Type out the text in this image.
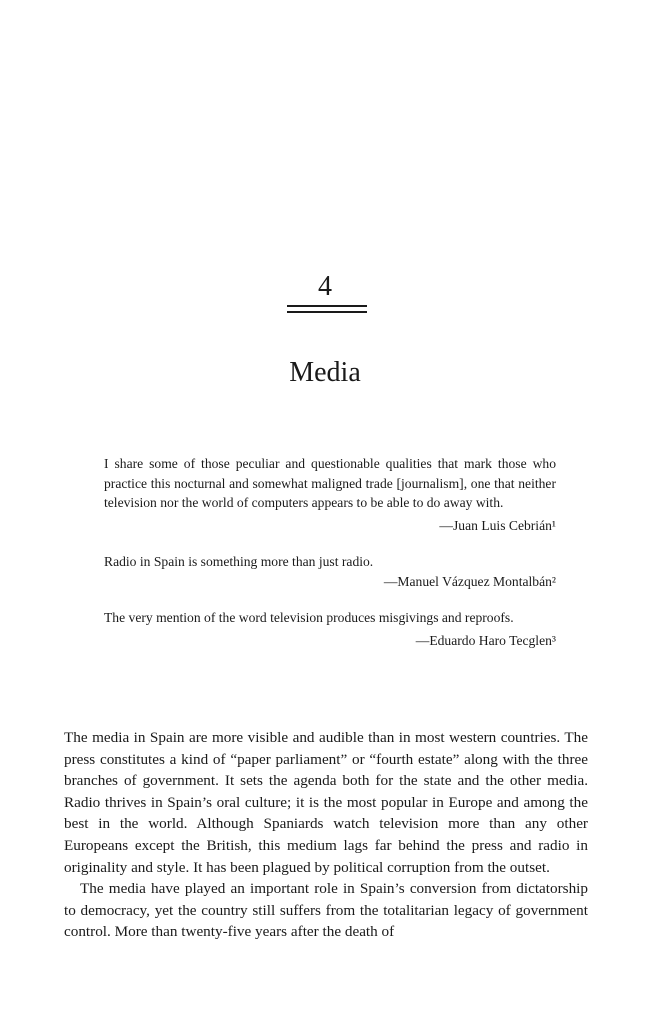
4
Media
I share some of those peculiar and questionable qualities that mark those who practice this nocturnal and somewhat maligned trade [journalism], one that neither television nor the world of computers appears to be able to do away with.
—Juan Luis Cebrián¹
Radio in Spain is something more than just radio.
—Manuel Vázquez Montalbán²
The very mention of the word television produces misgivings and reproofs.
—Eduardo Haro Tecglen³

The media in Spain are more visible and audible than in most western countries. The press constitutes a kind of “paper parliament” or “fourth estate” along with the three branches of government. It sets the agenda both for the state and the other media. Radio thrives in Spain’s oral culture; it is the most popular in Europe and among the best in the world. Although Spaniards watch television more than any other Europeans except the British, this medium lags far behind the press and radio in originality and style. It has been plagued by political corruption from the outset.

The media have played an important role in Spain’s conversion from dictatorship to democracy, yet the country still suffers from the totalitarian legacy of government control. More than twenty-five years after the death of
